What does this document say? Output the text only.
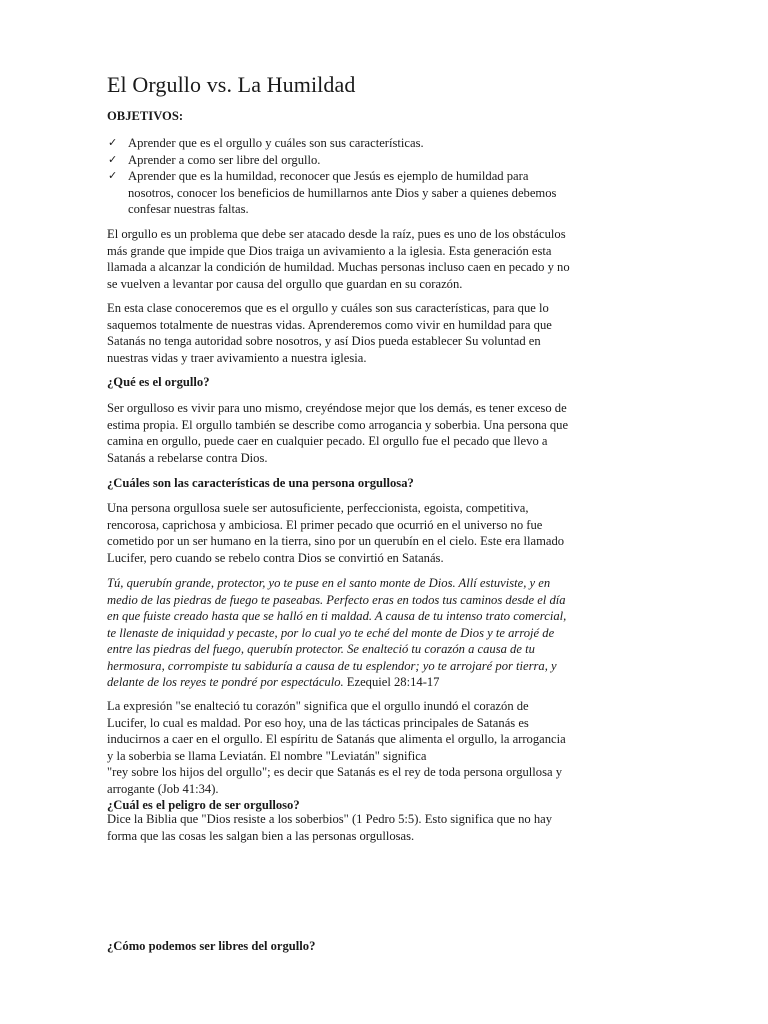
El Orgullo vs. La Humildad

OBJETIVOS:

✓ Aprender que es el orgullo y cuáles son sus características.
✓ Aprender a como ser libre del orgullo.
✓ Aprender que es la humildad, reconocer que Jesús es ejemplo de humildad para
nosotros, conocer los beneficios de humillarnos ante Dios y saber a quienes debemos
confesar nuestras faltas.

El orgullo es un problema que debe ser atacado desde la raíz, pues es uno de los obstáculos
más grande que impide que Dios traiga un avivamiento a la iglesia. Esta generación esta
llamada a alcanzar la condición de humildad. Muchas personas incluso caen en pecado y no
se vuelven a levantar por causa del orgullo que guardan en su corazón.

En esta clase conoceremos que es el orgullo y cuáles son sus características, para que lo
saquemos totalmente de nuestras vidas. Aprenderemos como vivir en humildad para que
Satanás no tenga autoridad sobre nosotros, y así Dios pueda establecer Su voluntad en
nuestras vidas y traer avivamiento a nuestra iglesia.

¿Qué es el orgullo?

Ser orgulloso es vivir para uno mismo, creyéndose mejor que los demás, es tener exceso de
estima propia. El orgullo también se describe como arrogancia y soberbia. Una persona que
camina en orgullo, puede caer en cualquier pecado. El orgullo fue el pecado que llevo a
Satanás a rebelarse contra Dios.

¿Cuáles son las características de una persona orgullosa?

Una persona orgullosa suele ser autosuficiente, perfeccionista, egoista, competitiva,
rencorosa, caprichosa y ambiciosa. El primer pecado que ocurrió en el universo no fue
cometido por un ser humano en la tierra, sino por un querubín en el cielo. Este era llamado
Lucifer, pero cuando se rebelo contra Dios se convirtió en Satanás.

Tú, querubín grande, protector, yo te puse en el santo monte de Dios. Allí estuviste, y en
medio de las piedras de fuego te paseabas. Perfecto eras en todos tus caminos desde el día
en que fuiste creado hasta que se halló en ti maldad. A causa de tu intenso trato comercial,
te llenaste de iniquidad y pecaste, por lo cual yo te eché del monte de Dios y te arrojé de
entre las piedras del fuego, querubín protector. Se enalteció tu corazón a causa de tu
hermosura, corrompiste tu sabiduría a causa de tu esplendor; yo te arrojaré por tierra, y
delante de los reyes te pondré por espectáculo. Ezequiel 28:14-17

La expresión "se enalteció tu corazón" significa que el orgullo inundó el corazón de
Lucifer, lo cual es maldad. Por eso hoy, una de las tácticas principales de Satanás es
inducirnos a caer en el orgullo. El espíritu de Satanás que alimenta el orgullo, la arrogancia
y la soberbia se llama Leviatán. El nombre "Leviatán" significa
"rey sobre los hijos del orgullo"; es decir que Satanás es el rey de toda persona orgullosa y
arrogante (Job 41:34).

¿Cuál es el peligro de ser orgulloso?

Dice la Biblia que "Dios resiste a los soberbios" (1 Pedro 5:5). Esto significa que no hay
forma que las cosas les salgan bien a las personas orgullosas.

¿Cómo podemos ser libres del orgullo?
